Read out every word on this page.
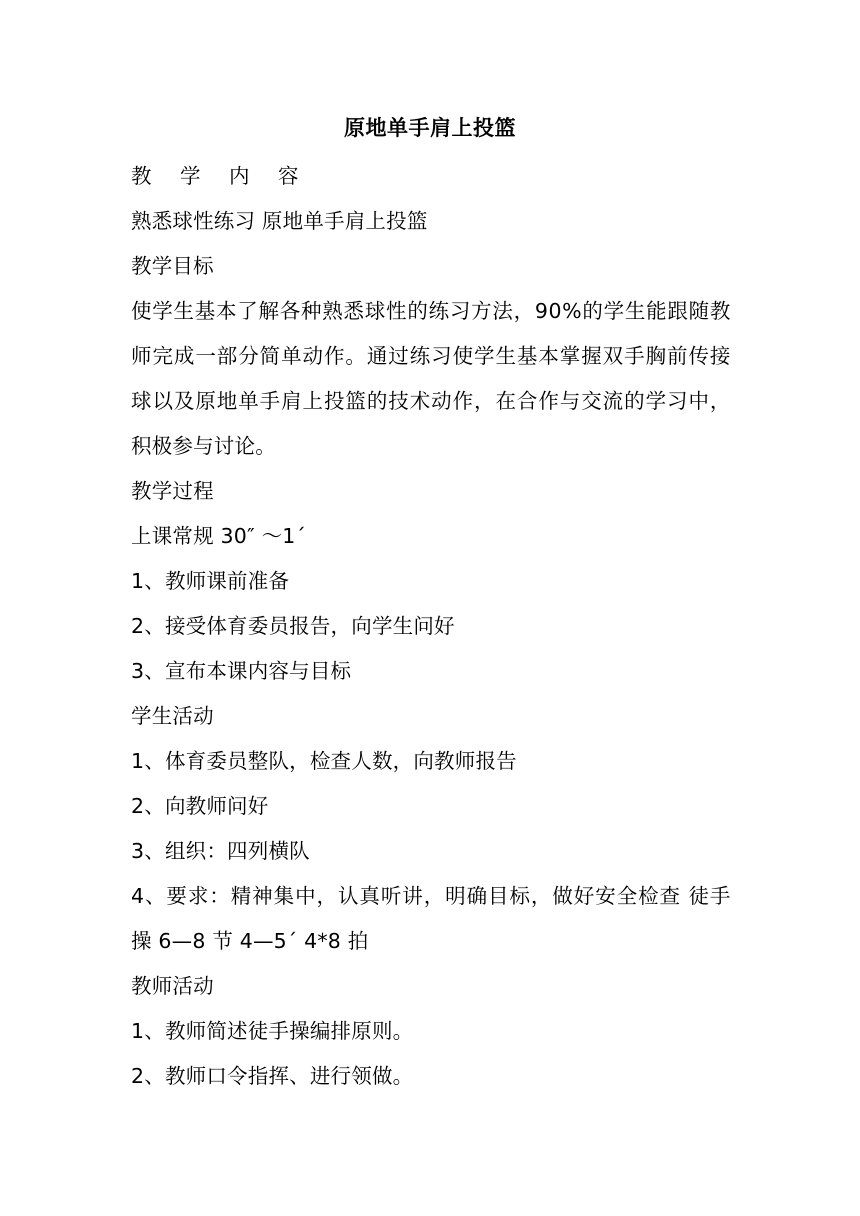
原地单手肩上投篮
教 学 内 容
熟悉球性练习 原地单手肩上投篮
教学目标
使学生基本了解各种熟悉球性的练习方法，90%的学生能跟随教
师完成一部分简单动作。通过练习使学生基本掌握双手胸前传接
球以及原地单手肩上投篮的技术动作，在合作与交流的学习中，
积极参与讨论。
教学过程
上课常规 30″ ～1ˊ
1、教师课前准备
2、接受体育委员报告，向学生问好
3、宣布本课内容与目标
学生活动
1、体育委员整队，检查人数，向教师报告
2、向教师问好
3、组织：四列横队
4、要求：精神集中，认真听讲，明确目标，做好安全检查 徒手
操 6—8 节 4—5ˊ 4*8 拍
教师活动
1、教师简述徒手操编排原则。
2、教师口令指挥、进行领做。
